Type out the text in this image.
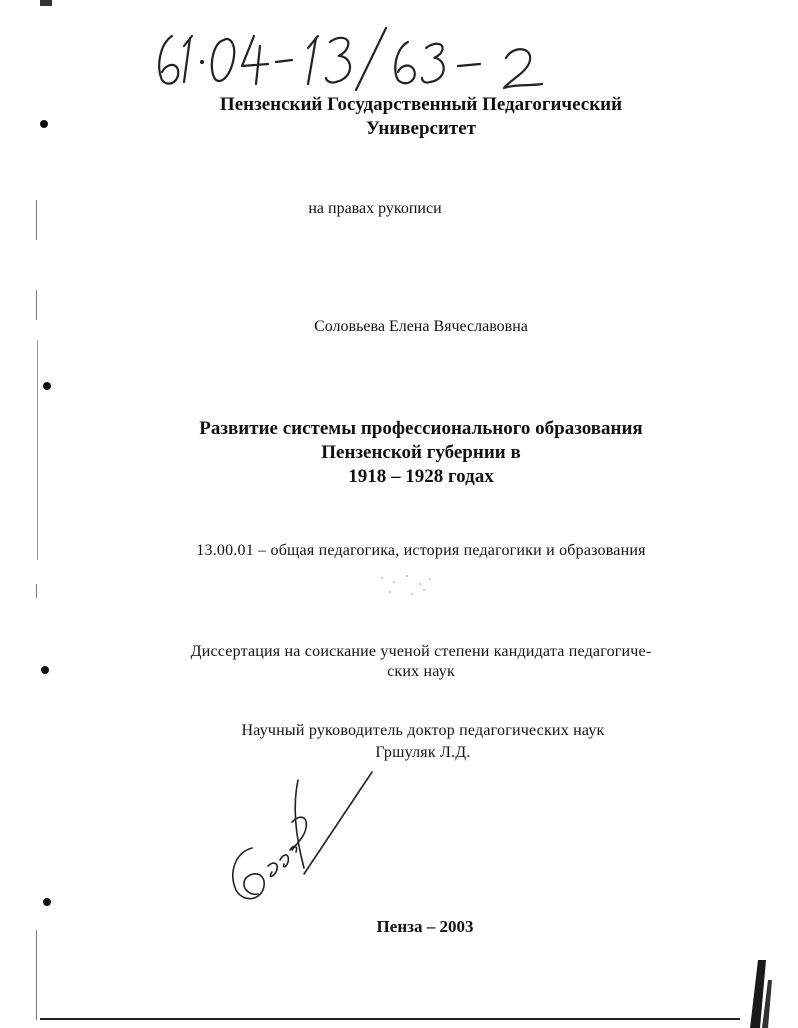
Пензенский Государственный Педагогический
Университет
на правах рукописи
Соловьева Елена Вячеславовна
Развитие системы профессионального образования
Пензенской губернии в
1918 – 1928 годах
13.00.01 – общая педагогика, история педагогики и образования
Диссертация на соискание ученой степени кандидата педагогиче-
ских наук
Научный руководитель доктор педагогических наук
Гршуляк Л.Д.
Пенза – 2003
